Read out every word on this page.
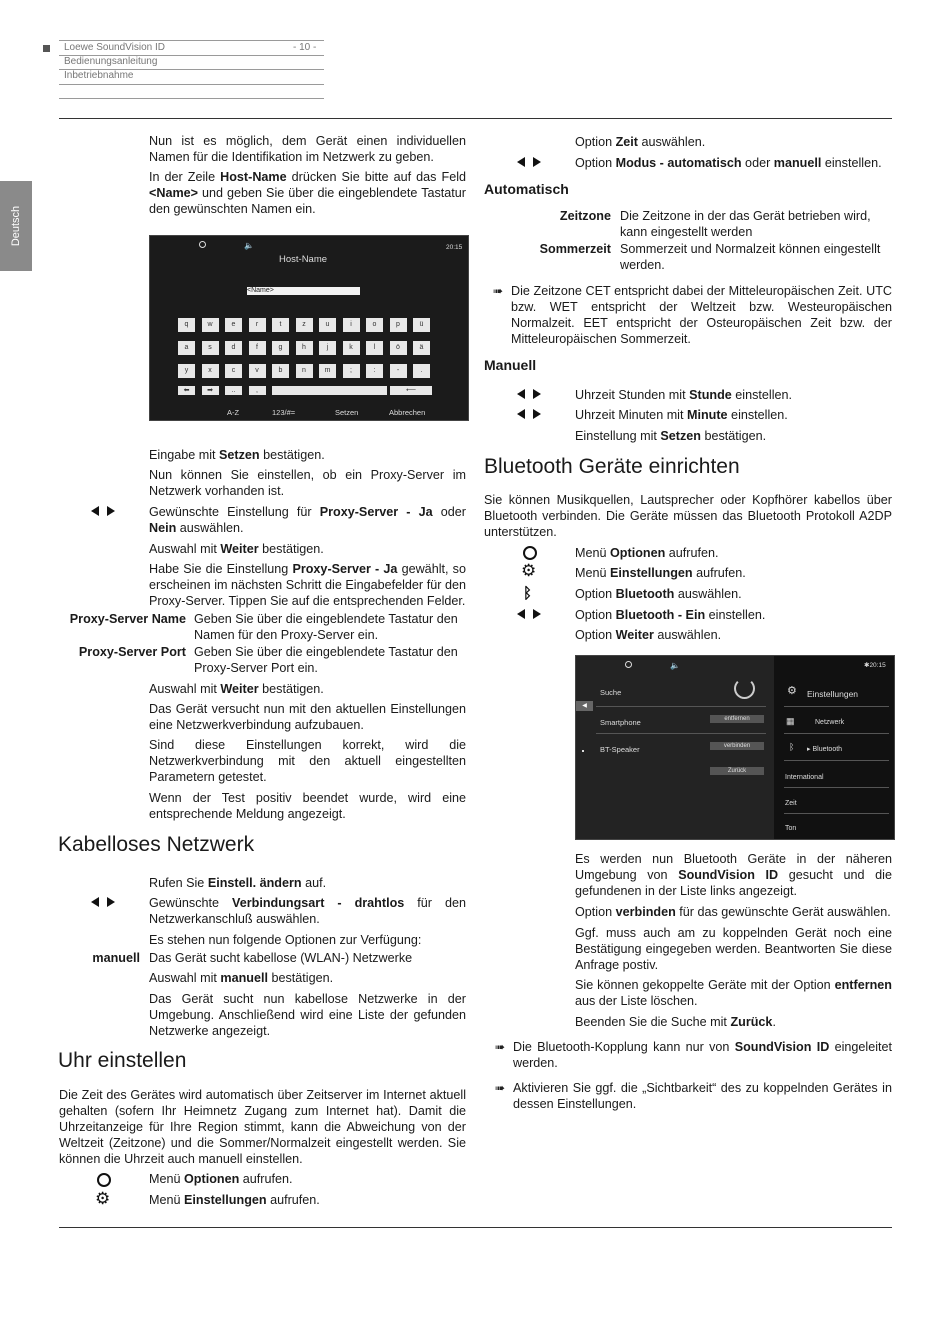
Loewe SoundVision ID	- 10 -
Bedienungsanleitung
Inbetriebnahme
Deutsch

Nun ist es möglich, dem Gerät einen individuellen Namen für die Identifikation im Netzwerk zu geben.

In der Zeile Host-Name drücken Sie bitte auf das Feld <Name> und geben Sie über die eingeblendete Tastatur den gewünschten Namen ein.

20:15
🔈
Host-Name
<Name>
q	w	e	r	t	z	u	i	o	p	ü
a	s	d	f	g	h	j	k	l	ö	ä
y	x	c	v	b	n	m	;	:	-	.
⬅	➡	..	,	⟵
A-Z	123/#=	Setzen	Abbrechen

Eingabe mit Setzen bestätigen.

Nun können Sie einstellen, ob ein Proxy-Server im Netzwerk vorhanden ist.

Gewünschte Einstellung für Proxy-Server - Ja oder Nein auswählen.

Auswahl mit Weiter bestätigen.

Habe Sie die Einstellung Proxy-Server - Ja gewählt, so erscheinen im nächsten Schritt die Eingabefelder für den Proxy-Server. Tippen Sie auf die entsprechenden Felder.

Proxy-Server Name Geben Sie über die eingeblendete Tastatur den Namen für den Proxy-Server ein.

Proxy-Server Port Geben Sie über die eingeblendete Tastatur den Proxy-Server Port ein.

Auswahl mit Weiter bestätigen.

Das Gerät versucht nun mit den aktuellen Einstellungen eine Netzwerkverbindung aufzubauen.

Sind diese Einstellungen korrekt, wird die Netzwerkverbindung mit den aktuell eingestellten Parametern getestet.

Wenn der Test positiv beendet wurde, wird eine entsprechende Meldung angezeigt.

Kabelloses Netzwerk

Rufen Sie Einstell. ändern auf.

Gewünschte Verbindungsart - drahtlos für den Netzwerkanschluß auswählen.

Es stehen nun folgende Optionen zur Verfügung:

manuell Das Gerät sucht kabellose (WLAN-) Netzwerke

Auswahl mit manuell bestätigen.

Das Gerät sucht nun kabellose Netzwerke in der Umgebung. Anschließend wird eine Liste der gefunden Netzwerke angezeigt.

Uhr einstellen

Die Zeit des Gerätes wird automatisch über Zeitserver im Internet aktuell gehalten (sofern Ihr Heimnetz Zugang zum Internet hat). Damit die Uhrzeitanzeige für Ihre Region stimmt, kann die Abweichung von der Weltzeit (Zeitzone) und die Sommer/Normalzeit eingestellt werden. Sie können die Uhrzeit auch manuell einstellen.

Menü Optionen aufrufen.

⚙	Menü Einstellungen aufrufen.

Option Zeit auswählen.

Option Modus - automatisch oder manuell einstellen.

Automatisch
Zeitzone Die Zeitzone in der das Gerät betrieben wird, kann eingestellt werden

Sommerzeit Sommerzeit und Normalzeit können eingestellt werden.

➠ Die Zeitzone CET entspricht dabei der Mitteleuropäischen Zeit. UTC bzw. WET entspricht der Weltzeit bzw. Westeuropäischen Normalzeit. EET entspricht der Osteuropäischen Zeit bzw. der Mitteleuropäischen Sommerzeit.

Manuell

Uhrzeit Stunden mit Stunde einstellen.

Uhrzeit Minuten mit Minute einstellen.

Einstellung mit Setzen bestätigen.

Bluetooth Geräte einrichten

Sie können Musikquellen, Lautsprecher oder Kopfhörer kabellos über Bluetooth verbinden. Die Geräte müssen das Bluetooth Protokoll A2DP unterstützen.

Menü Optionen aufrufen.

⚙	Menü Einstellungen aufrufen.

ᛒ	Option Bluetooth auswählen.

Option Bluetooth - Ein einstellen.

Option Weiter auswählen.

🔈
◀
Suche
Smartphone	entfernen
BT-Speaker	verbinden
Zurück
✱20:15
⚙ Einstellungen
▦	Netzwerk
ᛒ ▸ Bluetooth
International
Zeit
Ton

Es werden nun Bluetooth Geräte in der näheren Umgebung von SoundVision ID gesucht und die gefundenen in der Liste links angezeigt.

Option verbinden für das gewünschte Gerät auswählen.

Ggf. muss auch am zu koppelnden Gerät noch eine Bestätigung eingegeben werden. Beantworten Sie diese Anfrage postiv.

Sie können gekoppelte Geräte mit der Option entfernen aus der Liste löschen.

Beenden Sie die Suche mit Zurück.

➠ Die Bluetooth-Kopplung kann nur von SoundVision ID eingeleitet werden.

➠ Aktivieren Sie ggf. die „Sichtbarkeit“ des zu koppelnden Gerätes in dessen Einstellungen.
